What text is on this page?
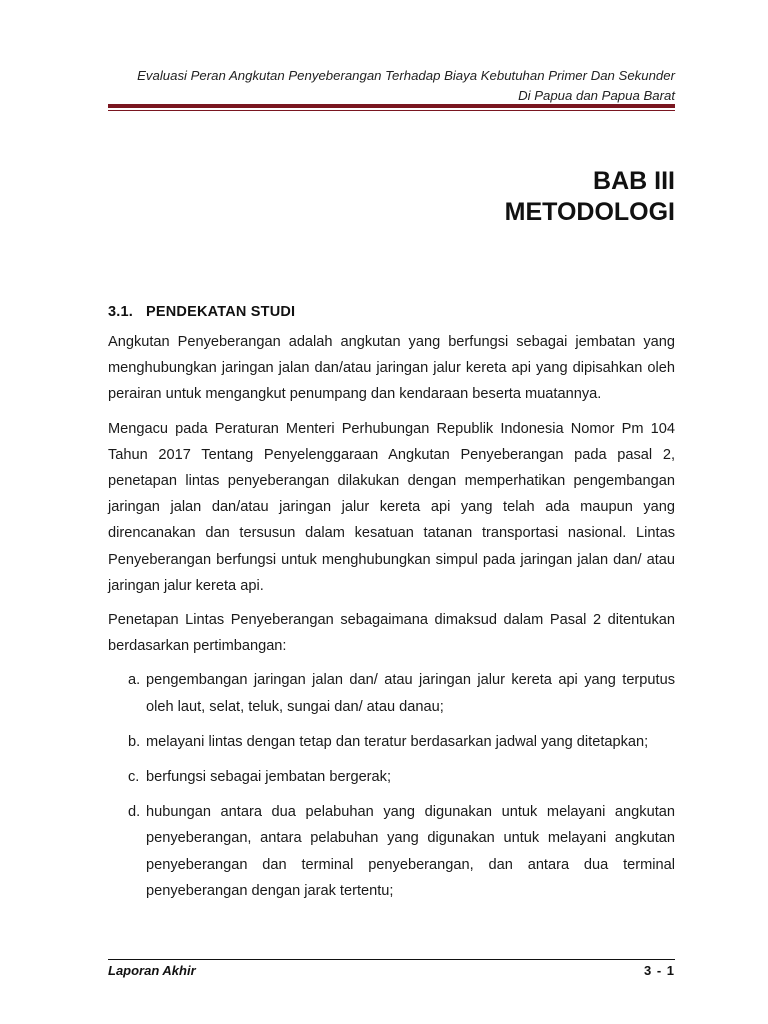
Evaluasi Peran Angkutan Penyeberangan Terhadap Biaya Kebutuhan Primer Dan Sekunder
Di Papua dan Papua Barat
BAB III
METODOLOGI
3.1. PENDEKATAN STUDI

Angkutan Penyeberangan adalah angkutan yang berfungsi sebagai jembatan yang menghubungkan jaringan jalan dan/atau jaringan jalur kereta api yang dipisahkan oleh perairan untuk mengangkut penumpang dan kendaraan beserta muatannya.

Mengacu pada Peraturan Menteri Perhubungan Republik Indonesia Nomor Pm 104 Tahun 2017 Tentang Penyelenggaraan Angkutan Penyeberangan pada pasal 2, penetapan lintas penyeberangan dilakukan dengan memperhatikan pengembangan jaringan jalan dan/atau jaringan jalur kereta api yang telah ada maupun yang direncanakan dan tersusun dalam kesatuan tatanan transportasi nasional. Lintas Penyeberangan berfungsi untuk menghubungkan simpul pada jaringan jalan dan/ atau jaringan jalur kereta api.

Penetapan Lintas Penyeberangan sebagaimana dimaksud dalam Pasal 2 ditentukan berdasarkan pertimbangan:

a. pengembangan jaringan jalan dan/ atau jaringan jalur kereta api yang terputus oleh laut, selat, teluk, sungai dan/ atau danau;
b. melayani lintas dengan tetap dan teratur berdasarkan jadwal yang ditetapkan;
c. berfungsi sebagai jembatan bergerak;
d. hubungan antara dua pelabuhan yang digunakan untuk melayani angkutan penyeberangan, antara pelabuhan yang digunakan untuk melayani angkutan penyeberangan dan terminal penyeberangan, dan antara dua terminal penyeberangan dengan jarak tertentu;
Laporan Akhir	3 - 1
